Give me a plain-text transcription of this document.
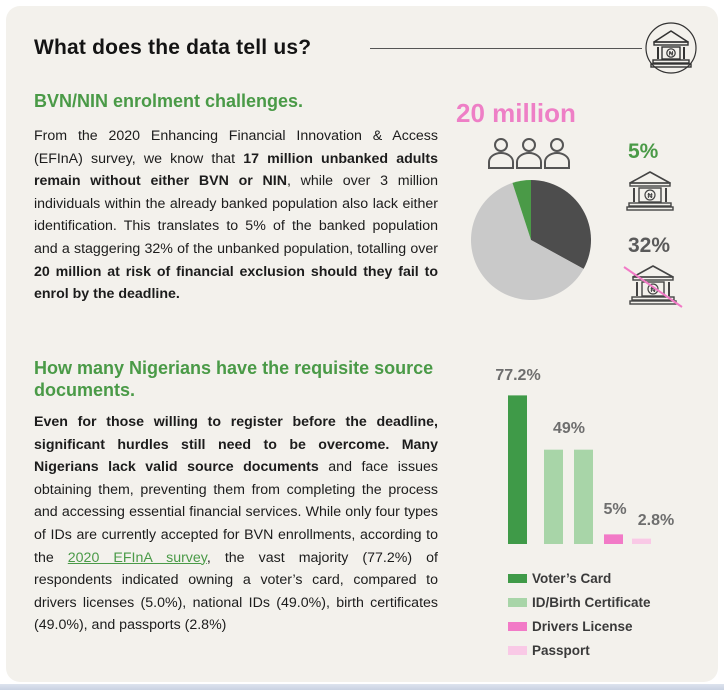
What does the data tell us?	₦
BVN/NIN enrolment challenges.

From the 2020 Enhancing Financial Innovation & Access (EFInA) survey, we know that 17 million unbanked adults remain without either BVN or NIN, while over 3 million individuals within the already banked population also lack either identification. This translates to 5% of the banked population and a staggering 32% of the unbanked population, totalling over 20 million at risk of financial exclusion should they fail to enrol by the deadline.

20 million

5%

₦

32%

₦
How many Nigerians have the requisite source documents.

Even for those willing to register before the deadline, significant hurdles still need to be overcome. Many Nigerians lack valid source documents and face issues obtaining them, preventing them from completing the process and accessing essential financial services. While only four types of IDs are currently accepted for BVN enrollments, according to the 2020 EFInA survey, the vast majority (77.2%) of respondents indicated owning a voter’s card, compared to drivers licenses (5.0%), national IDs (49.0%), birth certificates (49.0%), and passports (2.8%)

77.2%
49%
5%
2.8%
Voter’s Card
ID/Birth Certificate
Drivers License
Passport
